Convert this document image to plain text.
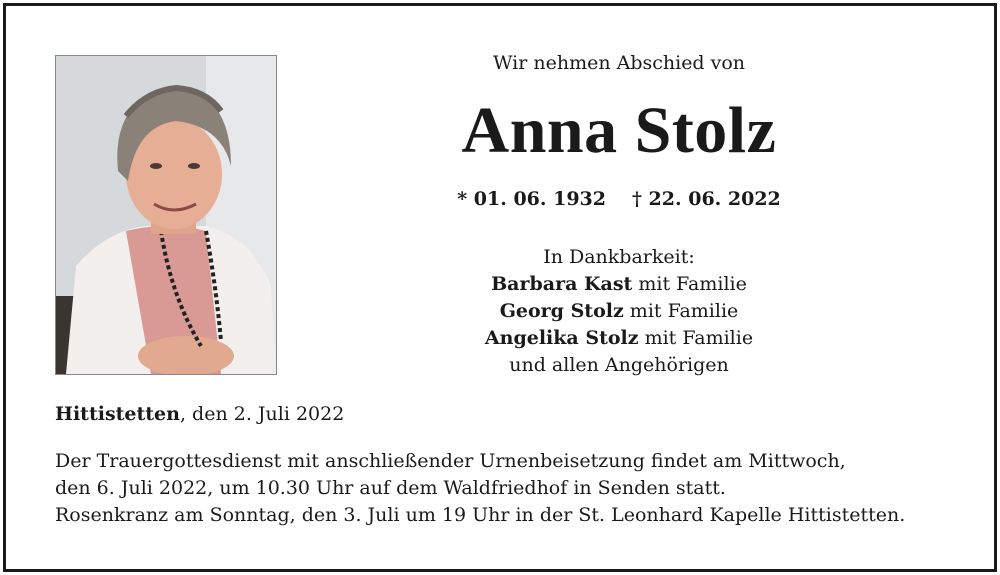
Wir nehmen Abschied von
Anna Stolz
* 01. 06. 1932 † 22. 06. 2022
In Dankbarkeit:
Barbara Kast mit Familie
Georg Stolz mit Familie
Angelika Stolz mit Familie
und allen Angehörigen
Hittistetten, den 2. Juli 2022
Der Trauergottesdienst mit anschließender Urnenbeisetzung findet am Mittwoch,
den 6. Juli 2022, um 10.30 Uhr auf dem Waldfriedhof in Senden statt.
Rosenkranz am Sonntag, den 3. Juli um 19 Uhr in der St. Leonhard Kapelle Hittistetten.
